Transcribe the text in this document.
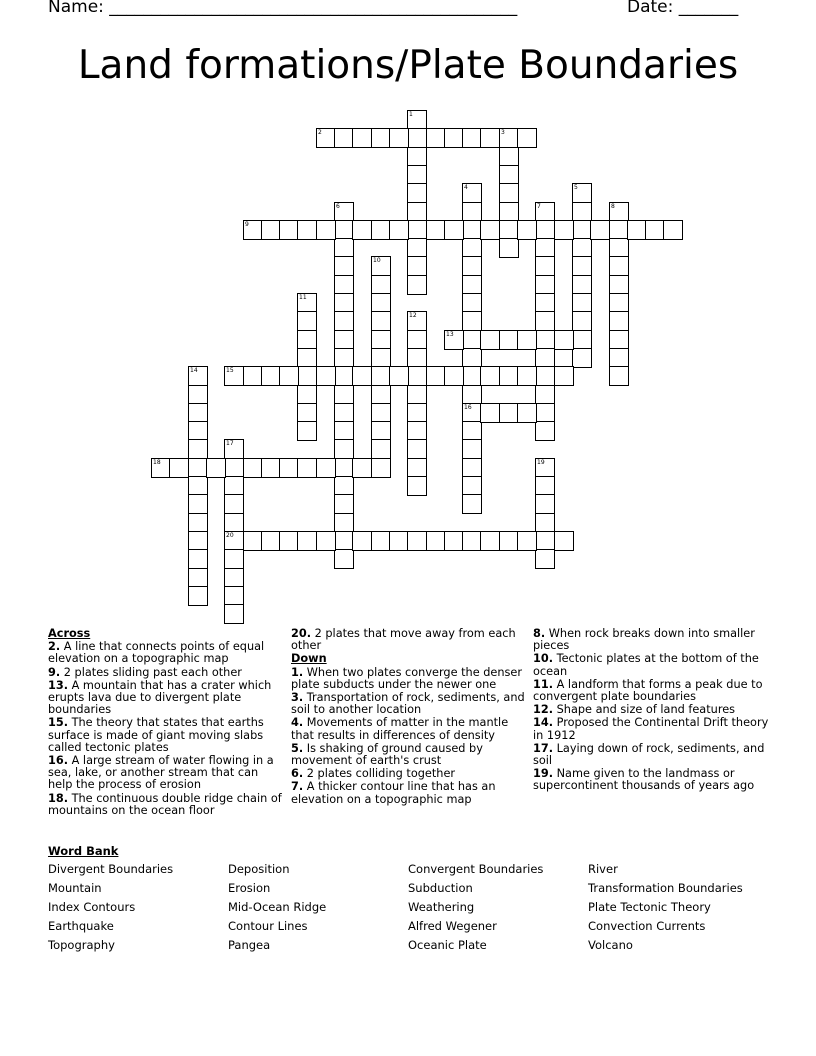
Name: ________________________________________________	Date: _______
Land formations/Plate Boundaries
1
2	3
4
16
5
6	7	8
9
10
11
12
13
14	15
17
20
18	19
Across
2. A line that connects points of equal elevation on a topographic map
9. 2 plates sliding past each other
13. A mountain that has a crater which erupts lava due to divergent plate boundaries
15. The theory that states that earths surface is made of giant moving slabs called tectonic plates
16. A large stream of water flowing in a sea, lake, or another stream that can help the process of erosion
18. The continuous double ridge chain of mountains on the ocean floor
20. 2 plates that move away from each other
Down
1. When two plates converge the denser plate subducts under the newer one
3. Transportation of rock, sediments, and soil to another location
4. Movements of matter in the mantle that results in differences of density
5. Is shaking of ground caused by movement of earth's crust
6. 2 plates colliding together
7. A thicker contour line that has an elevation on a topographic map
8. When rock breaks down into smaller pieces
10. Tectonic plates at the bottom of the ocean
11. A landform that forms a peak due to convergent plate boundaries
12. Shape and size of land features
14. Proposed the Continental Drift theory in 1912
17. Laying down of rock, sediments, and soil
19. Name given to the landmass or supercontinent thousands of years ago
Word Bank
Divergent Boundaries
Mountain
Index Contours
Earthquake
Topography
Deposition
Erosion
Mid-Ocean Ridge
Contour Lines
Pangea
Convergent Boundaries
Subduction
Weathering
Alfred Wegener
Oceanic Plate
River
Transformation Boundaries
Plate Tectonic Theory
Convection Currents
Volcano
